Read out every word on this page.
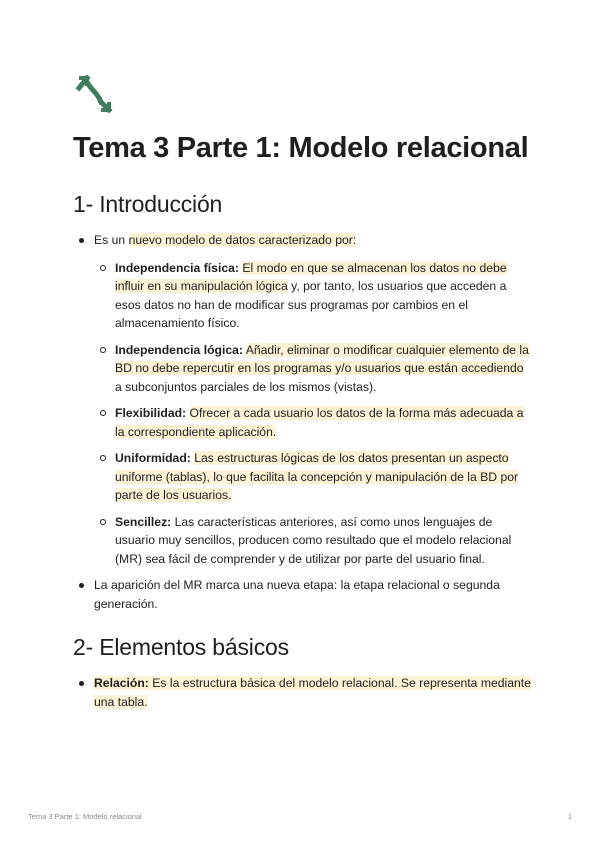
Tema 3 Parte 1: Modelo relacional
1- Introducción
Es un nuevo modelo de datos caracterizado por:
Independencia física: El modo en que se almacenan los datos no debe influir en su manipulación lógica y, por tanto, los usuarios que acceden a esos datos no han de modificar sus programas por cambios en el almacenamiento físico.
Independencia lógica: Añadir, eliminar o modificar cualquier elemento de la BD no debe repercutir en los programas y/o usuarios que están accediendo a subconjuntos parciales de los mismos (vistas).
Flexibilidad: Ofrecer a cada usuario los datos de la forma más adecuada a la correspondiente aplicación.
Uniformidad: Las estructuras lógicas de los datos presentan un aspecto uniforme (tablas), lo que facilita la concepción y manipulación de la BD por parte de los usuarios.
Sencillez: Las características anteriores, así como unos lenguajes de usuario muy sencillos, producen como resultado que el modelo relacional (MR) sea fácil de comprender y de utilizar por parte del usuario final.
La aparición del MR marca una nueva etapa: la etapa relacional o segunda generación.
2- Elementos básicos
Relación: Es la estructura básica del modelo relacional. Se representa mediante una tabla.
Tema 3 Parte 1: Modelo relacional	1
